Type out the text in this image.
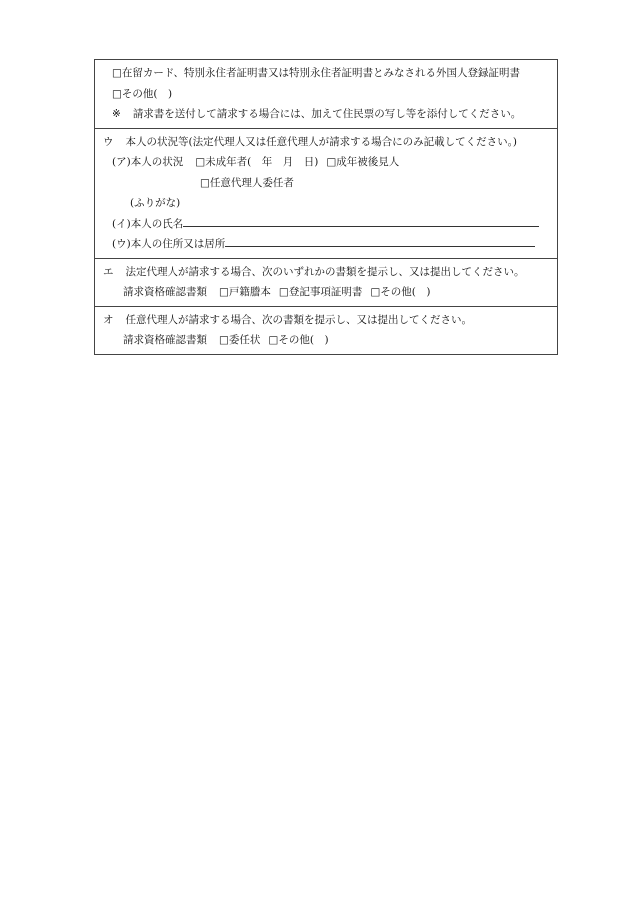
□在留カード、特別永住者証明書又は特別永住者証明書とみなされる外国人登録証明書
□その他(　)
※ 請求書を送付して請求する場合には、加えて住民票の写し等を添付してください。
ウ 本人の状況等(法定代理人又は任意代理人が請求する場合にのみ記載してください。)
(ア)本人の状況 □未成年者(　年　月　日) □成年被後見人
□任意代理人委任者
(ふりがな)
(イ)本人の氏名
(ウ)本人の住所又は居所
エ 法定代理人が請求する場合、次のいずれかの書類を提示し、又は提出してください。
請求資格確認書類 □戸籍謄本 □登記事項証明書 □その他(　)
オ 任意代理人が請求する場合、次の書類を提示し、又は提出してください。
請求資格確認書類 □委任状 □その他(　)
